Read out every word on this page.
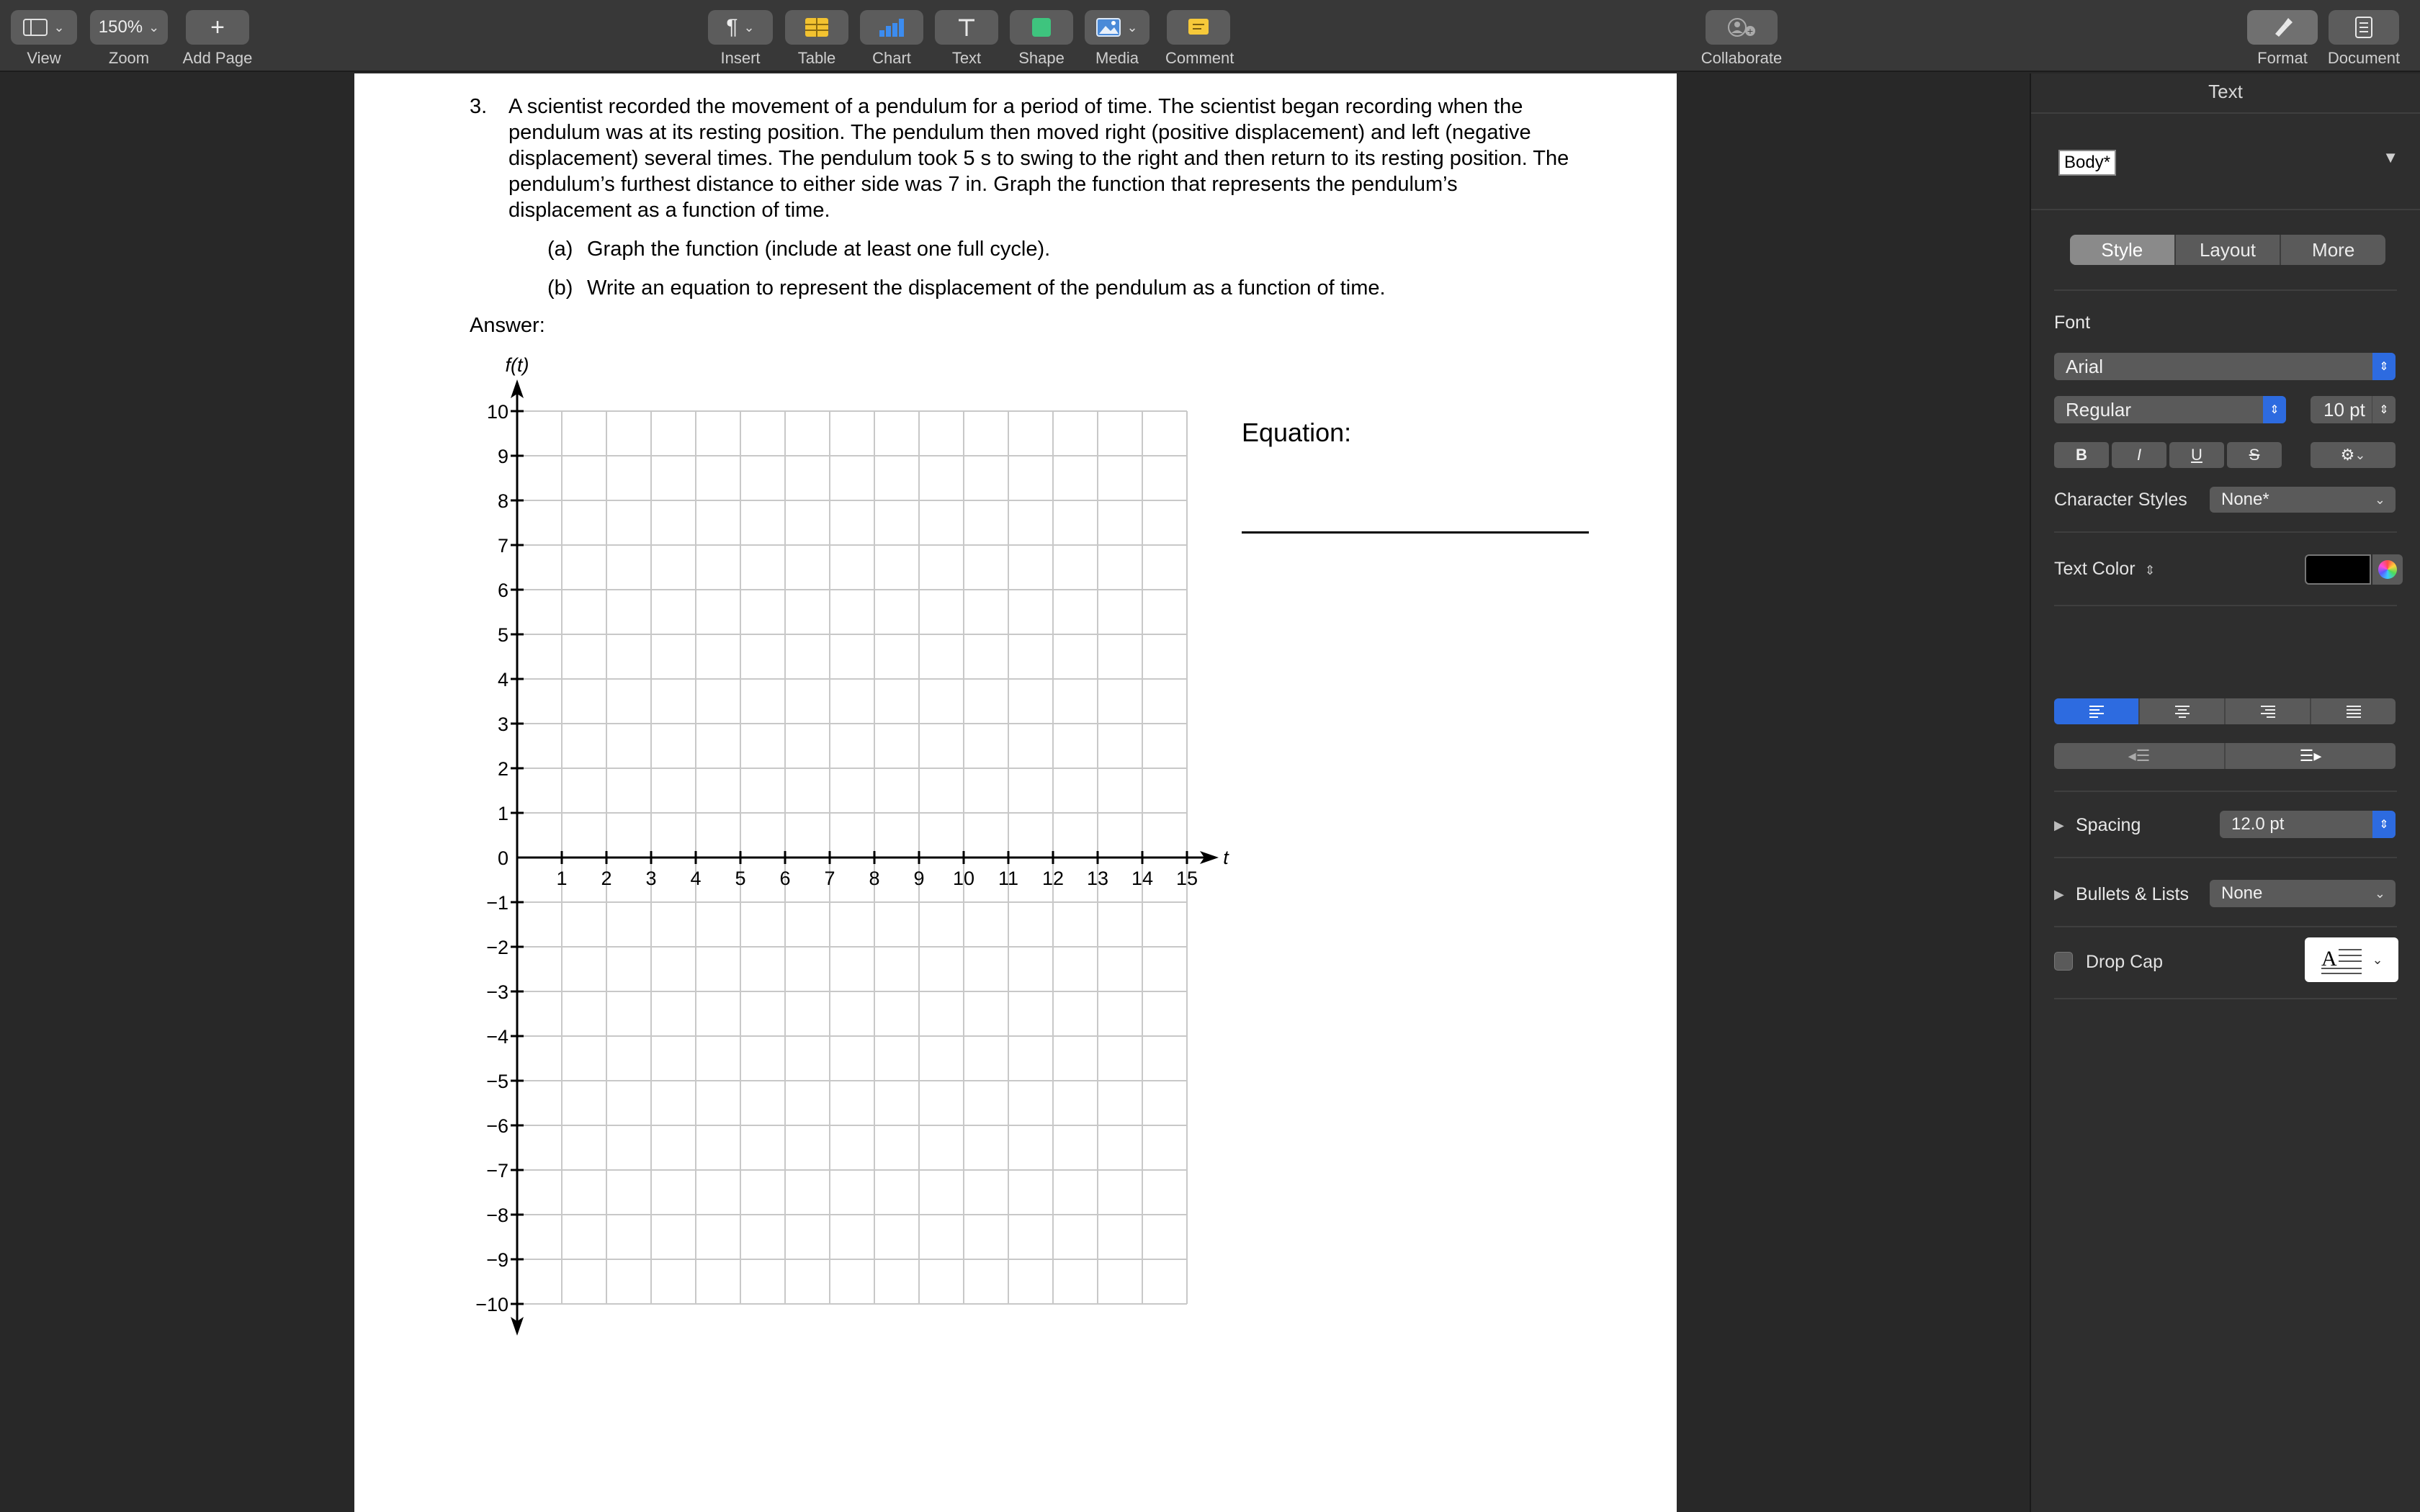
⌄
View
150% ⌄
Zoom
+
Add Page
¶ ⌄
Insert	Table	Chart	Text	Shape
⌄
Media	Comment
+
Collaborate	Format	Document
3. A scientist recorded the movement of a pendulum for a period of time. The scientist began recording when the pendulum was at its resting position. The pendulum then moved right (positive displacement) and left (negative displacement) several times. The pendulum took 5 s to swing to the right and then return to its resting position. The pendulum’s furthest distance to either side was 7 in. Graph the function that represents the pendulum’s displacement as a function of time.

(a) Graph the function (include at least one full cycle).
(b) Write an equation to represent the displacement of the pendulum as a function of time.
Answer:
1 2 3 4 5 6 7 8 9 10 11 12 13 14 15
10
9
8
7
6
5
4
3
2
1
0
−1
−2
−3
−4
−5
−6
−7
−8
−9
−10
f(t)
t
Equation:
Text
Body*	▼
Style	Layout	More
Font
Arial	⇕
Regular	⇕	10 pt	⇕
B	I	U	S	⚙ ⌄
Character Styles None*	⌄
Text Color ⇕
◂☰	☰▸
▶ Spacing	12.0 pt	⇕
▶ Bullets & Lists None	⌄
Drop Cap	A	⌄
